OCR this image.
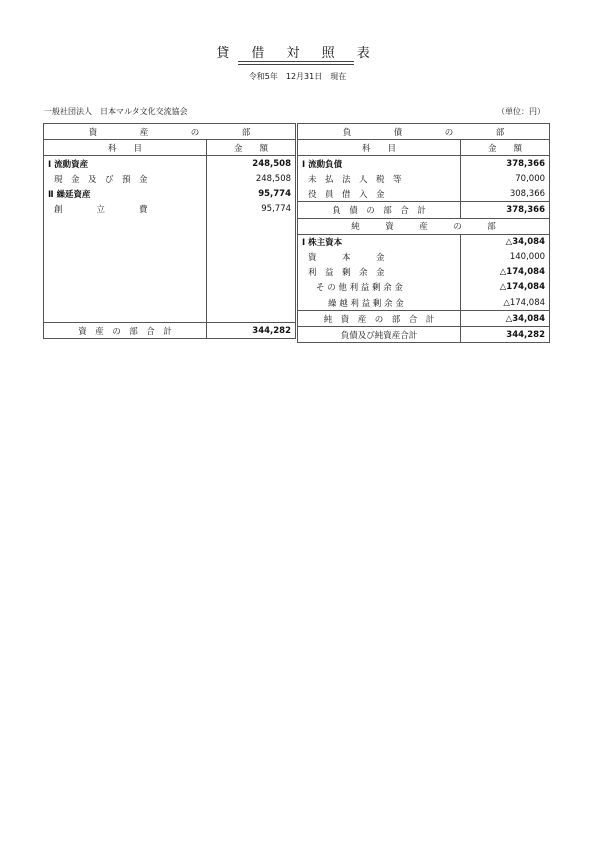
貸 借 対 照 表
令和5年　12月31日　現在
一般社団法人　日本マルタ文化交流協会	（単位：円）
資　　　　　産　　　　　の　　　　　部	
科　　目	金　　額
Ⅰ 流動資産	248,508
現　金　及　び　預　金	248,508
Ⅱ 繰延資産	95,774
創　　　　立　　　　費	95,774

資　産　の　部　合　計	344,282
負　　　　　債　　　　　の　　　　　部	
科　　目	金　　額
Ⅰ 流動負債	378,366
未　払　法　人　税　等	70,000
役　員　借　入　金	308,366
負　債　の　部　合　計	378,366
純　　　資　　　産　　　の　　　部	
Ⅰ 株主資本	△34,084
資　　　本　　　金	140,000
利　益　剰　余　金	△174,084
そ の 他 利 益 剰 余 金	△174,084
繰 越 利 益 剰 余 金	△174,084
純　資　産　の　部　合　計	△34,084
負債及び純資産合計	344,282
